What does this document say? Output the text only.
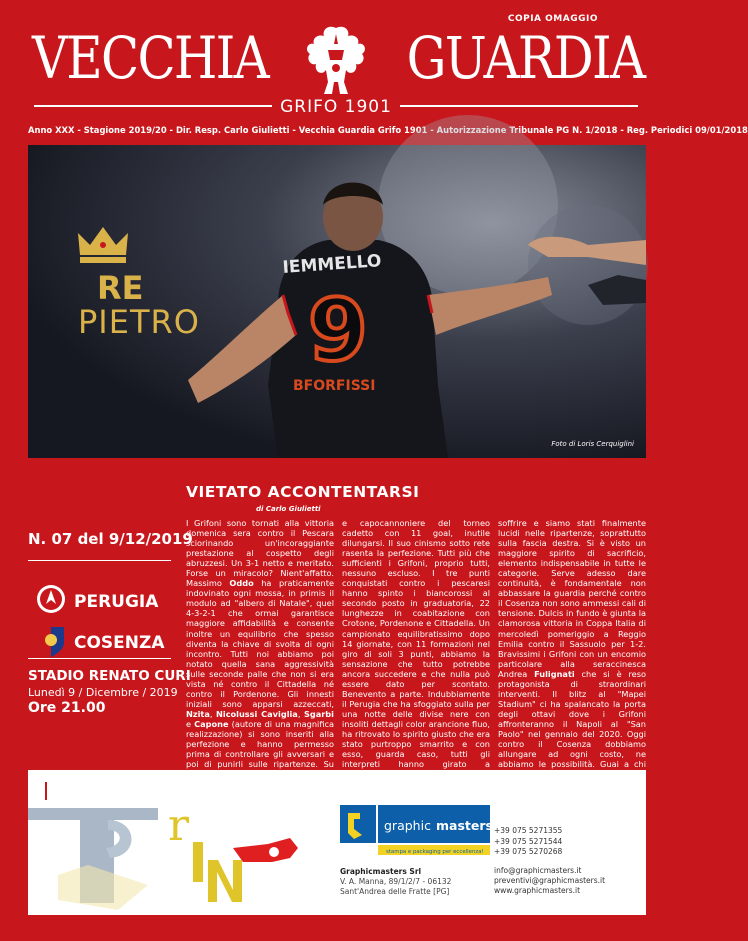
COPIA OMAGGIO
VECCHIA GUARDIA
GRIFO 1901
Anno XXX - Stagione 2019/20 - Dir. Resp. Carlo Giulietti - Vecchia Guardia Grifo 1901 - Autorizzazione Tribunale PG N. 1/2018 - Reg. Periodici 09/01/2018
IEMMELLO
9
BFORFISSI
RE
PIETRO
Foto di Loris Cerquiglini
VIETATO ACCONTENTARSI
di Carlo Giulietti
N. 07 del 9/12/2019
PERUGIA
COSENZA
STADIO RENATO CURI
Lunedì 9 / Dicembre / 2019
Ore 21.00
I Grifoni sono tornati alla vittoria domenica sera contro il Pescara sciorinando un'incoraggiante prestazione al cospetto degli abruzzesi. Un 3-1 netto e meritato. Forse un miracolo? Nient'affatto. Massimo Oddo ha praticamente indovinato ogni mossa, in primis il modulo ad "albero di Natale", quel 4-3-2-1 che ormai garantisce maggiore affidabilità e consente inoltre un equilibrio che spesso diventa la chiave di svolta di ogni incontro. Tutti noi abbiamo poi notato quella sana aggressività sulle seconde palle che non si era vista né contro il Cittadella né contro il Pordenone. Gli innesti iniziali sono apparsi azzeccati, Nzita, Nicolussi Caviglia, Sgarbi e Capone (autore di una magnifica realizzazione) si sono inseriti alla perfezione e hanno permesso prima di controllare gli avversari e poi di punirli sulle ripartenze. Su
e capocannoniere del torneo cadetto con 11 goal, inutile dilungarsi. Il suo cinismo sotto rete rasenta la perfezione. Tutti più che sufficienti i Grifoni, proprio tutti, nessuno escluso. I tre punti conquistati contro i pescaresi hanno spinto i biancorossi al secondo posto in graduatoria, 22 lunghezze in coabitazione con Crotone, Pordenone e Cittadella. Un campionato equilibratissimo dopo 14 giornate, con 11 formazioni nel giro di soli 3 punti, abbiamo la sensazione che tutto potrebbe ancora succedere e che nulla può essere dato per scontato. Benevento a parte. Indubbiamente il Perugia che ha sfoggiato sulla per una notte delle divise nere con insoliti dettagli color arancione fluo, ha ritrovato lo spirito giusto che era stato purtroppo smarrito e con esso, guarda caso, tutti gli interpreti hanno girato a
soffrire e siamo stati finalmente lucidi nelle ripartenze, soprattutto sulla fascia destra. Si è visto un maggiore spirito di sacrificio, elemento indispensabile in tutte le categorie. Serve adesso dare continuità, è fondamentale non abbassare la guardia perché contro il Cosenza non sono ammessi cali di tensione. Dulcis in fundo è giunta la clamorosa vittoria in Coppa Italia di mercoledì pomeriggio a Reggio Emilia contro il Sassuolo per 1-2. Bravissimi i Grifoni con un encomio particolare alla seraccinesca Andrea Fulignati che si è reso protagonista di straordinari interventi. Il blitz al "Mapei Stadium" ci ha spalancato la porta degli ottavi dove i Grifoni affronteranno il Napoli al "San Paolo" nel gennaio del 2020. Oggi contro il Cosenza dobbiamo allungare ad ogni costo, ne abbiamo le possibilità. Guai a chi
r
URIN
graphic masters
stampa e packaging per eccellenza!
Graphicmasters Srl
V. A. Manna, 89/1/2/7 - 06132
Sant'Andrea delle Fratte [PG]
+39 075 5271355
+39 075 5271544
+39 075 5270268
info@graphicmasters.it
preventivi@graphicmasters.it
www.graphicmasters.it
